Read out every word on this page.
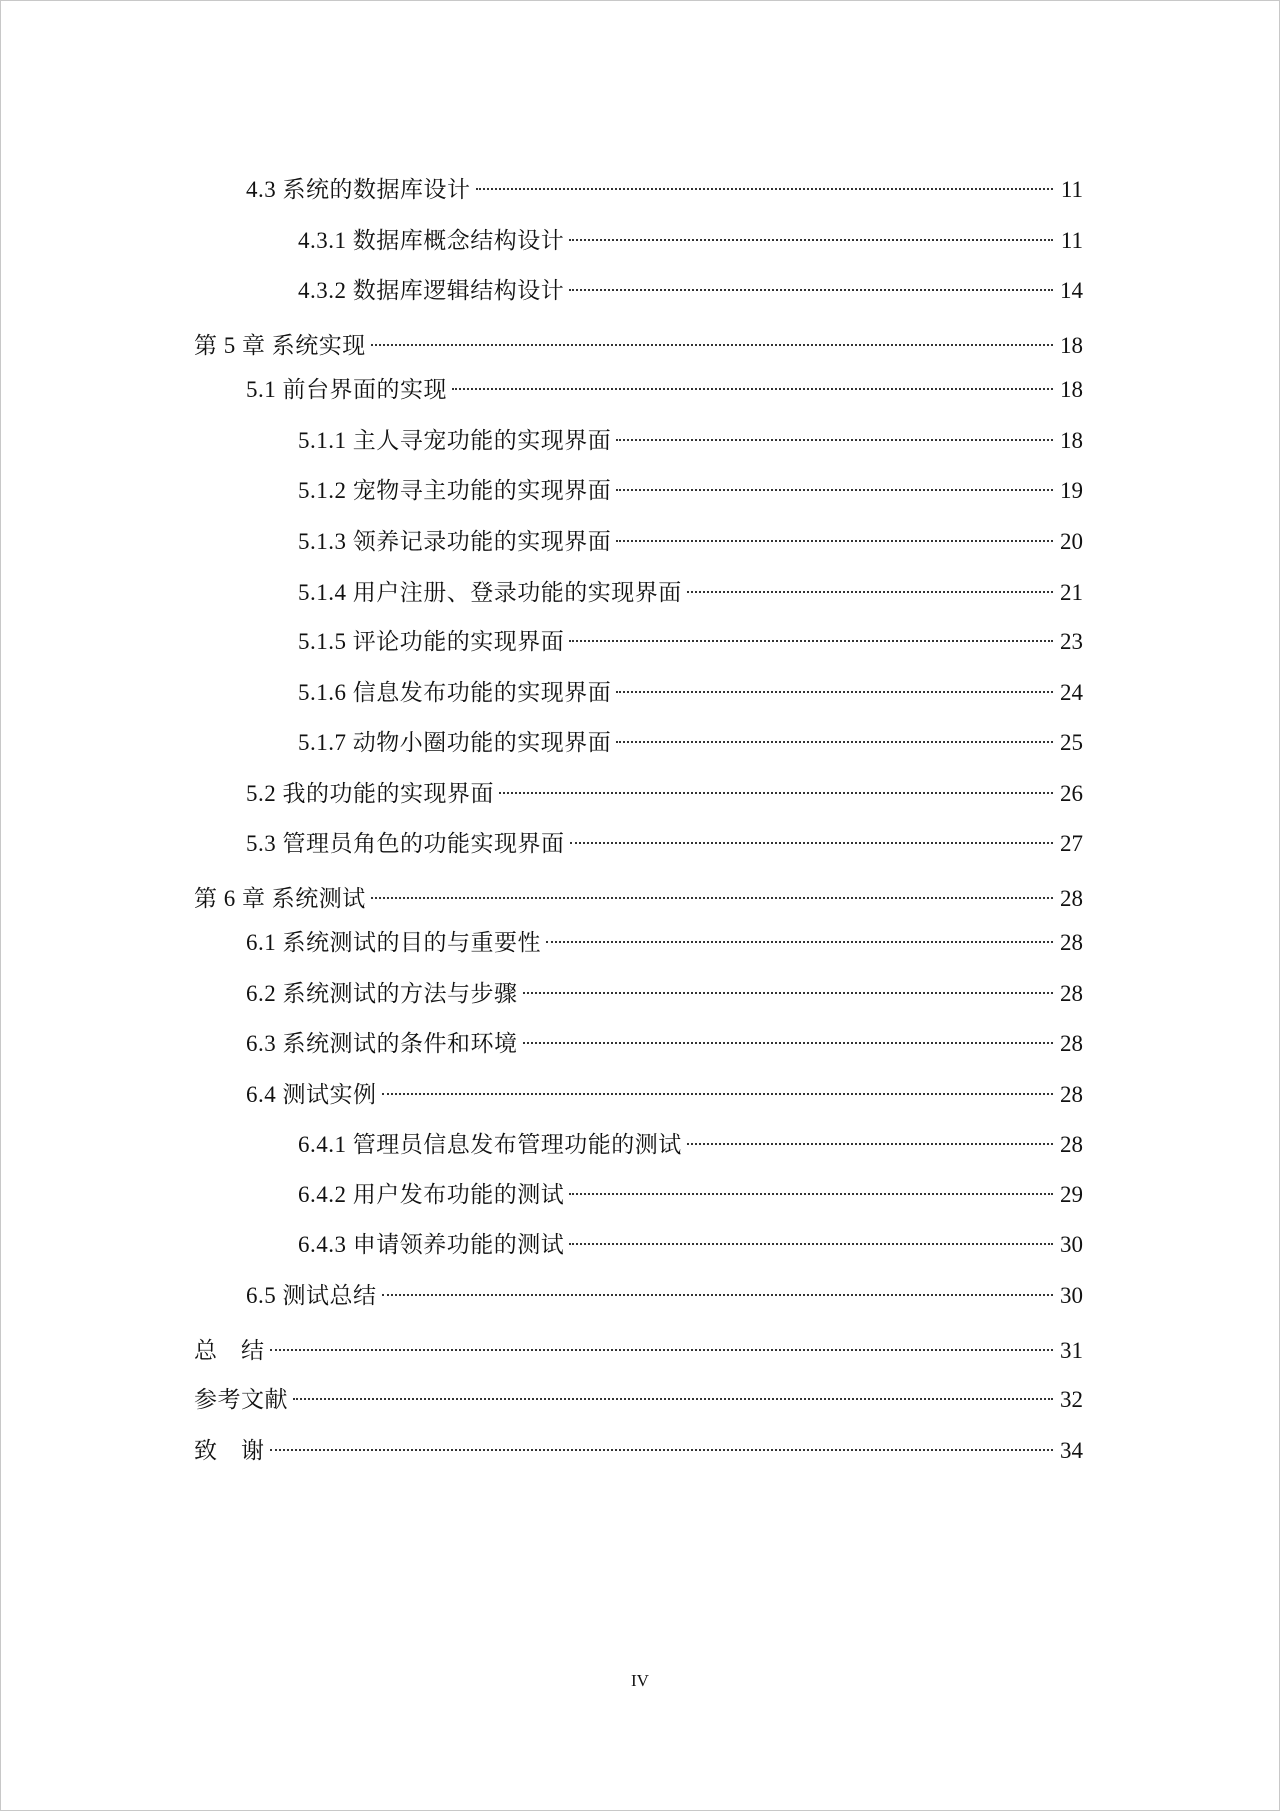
4.3 系统的数据库设计	11
4.3.1 数据库概念结构设计	11
4.3.2 数据库逻辑结构设计	14
第 5 章 系统实现	18
5.1 前台界面的实现	18
5.1.1 主人寻宠功能的实现界面	18
5.1.2 宠物寻主功能的实现界面	19
5.1.3 领养记录功能的实现界面	20
5.1.4 用户注册、登录功能的实现界面	21
5.1.5 评论功能的实现界面	23
5.1.6 信息发布功能的实现界面	24
5.1.7 动物小圈功能的实现界面	25
5.2 我的功能的实现界面	26
5.3 管理员角色的功能实现界面	27
第 6 章 系统测试	28
6.1 系统测试的目的与重要性	28
6.2 系统测试的方法与步骤	28
6.3 系统测试的条件和环境	28
6.4 测试实例	28
6.4.1 管理员信息发布管理功能的测试	28
6.4.2 用户发布功能的测试	29
6.4.3 申请领养功能的测试	30
6.5 测试总结	30
总　结	31
参考文献	32
致　谢	34
IV
